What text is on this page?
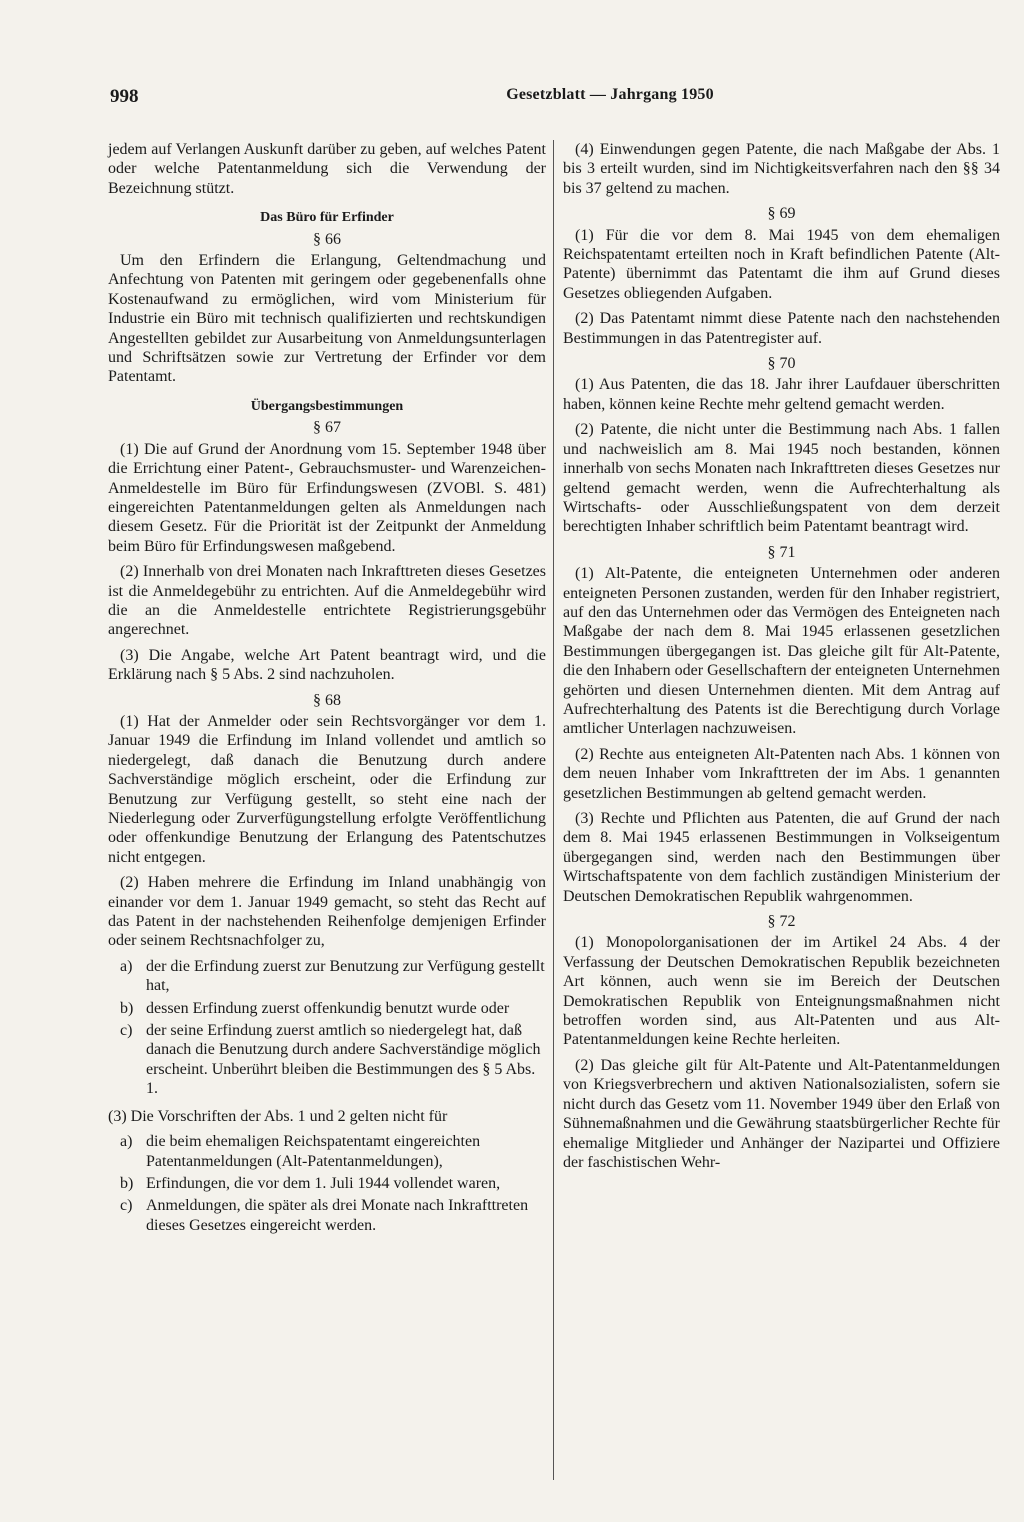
998	Gesetzblatt — Jahrgang 1950

jedem auf Verlangen Auskunft darüber zu geben, auf welches Patent oder welche Patentanmeldung sich die Verwendung der Bezeichnung stützt.

Das Büro für Erfinder
§ 66

Um den Erfindern die Erlangung, Geltendmachung und Anfechtung von Patenten mit geringem oder gegebenenfalls ohne Kostenaufwand zu ermöglichen, wird vom Ministerium für Industrie ein Büro mit technisch qualifizierten und rechtskundigen Angestellten gebildet zur Ausarbeitung von Anmeldungsunterlagen und Schriftsätzen sowie zur Vertretung der Erfinder vor dem Patentamt.

Übergangsbestimmungen
§ 67

(1) Die auf Grund der Anordnung vom 15. September 1948 über die Errichtung einer Patent-, Gebrauchsmuster- und Warenzeichen-Anmeldestelle im Büro für Erfindungswesen (ZVOBl. S. 481) eingereichten Patentanmeldungen gelten als Anmeldungen nach diesem Gesetz. Für die Priorität ist der Zeitpunkt der Anmeldung beim Büro für Erfindungswesen maßgebend.

(2) Innerhalb von drei Monaten nach Inkrafttreten dieses Gesetzes ist die Anmeldegebühr zu entrichten. Auf die Anmeldegebühr wird die an die Anmeldestelle entrichtete Registrierungsgebühr angerechnet.

(3) Die Angabe, welche Art Patent beantragt wird, und die Erklärung nach § 5 Abs. 2 sind nachzuholen.

§ 68

(1) Hat der Anmelder oder sein Rechtsvorgänger vor dem 1. Januar 1949 die Erfindung im Inland vollendet und amtlich so niedergelegt, daß danach die Benutzung durch andere Sachverständige möglich erscheint, oder die Erfindung zur Benutzung zur Verfügung gestellt, so steht eine nach der Niederlegung oder Zurverfügungstellung erfolgte Veröffentlichung oder offenkundige Benutzung der Erlangung des Patentschutzes nicht entgegen.

(2) Haben mehrere die Erfindung im Inland unabhängig von einander vor dem 1. Januar 1949 gemacht, so steht das Recht auf das Patent in der nachstehenden Reihenfolge demjenigen Erfinder oder seinem Rechtsnachfolger zu,

a) der die Erfindung zuerst zur Benutzung zur Verfügung gestellt hat,
b) dessen Erfindung zuerst offenkundig benutzt wurde oder
c) der seine Erfindung zuerst amtlich so niedergelegt hat, daß danach die Benutzung durch andere Sachverständige möglich erscheint. Unberührt bleiben die Bestimmungen des § 5 Abs. 1.

(3) Die Vorschriften der Abs. 1 und 2 gelten nicht für

a) die beim ehemaligen Reichspatentamt eingereichten Patentanmeldungen (Alt-Patentanmeldungen),
b) Erfindungen, die vor dem 1. Juli 1944 vollendet waren,
c) Anmeldungen, die später als drei Monate nach Inkrafttreten dieses Gesetzes eingereicht werden.

(4) Einwendungen gegen Patente, die nach Maßgabe der Abs. 1 bis 3 erteilt wurden, sind im Nichtigkeitsverfahren nach den §§ 34 bis 37 geltend zu machen.

§ 69

(1) Für die vor dem 8. Mai 1945 von dem ehemaligen Reichspatentamt erteilten noch in Kraft befindlichen Patente (Alt-Patente) übernimmt das Patentamt die ihm auf Grund dieses Gesetzes obliegenden Aufgaben.

(2) Das Patentamt nimmt diese Patente nach den nachstehenden Bestimmungen in das Patentregister auf.

§ 70

(1) Aus Patenten, die das 18. Jahr ihrer Laufdauer überschritten haben, können keine Rechte mehr geltend gemacht werden.

(2) Patente, die nicht unter die Bestimmung nach Abs. 1 fallen und nachweislich am 8. Mai 1945 noch bestanden, können innerhalb von sechs Monaten nach Inkrafttreten dieses Gesetzes nur geltend gemacht werden, wenn die Aufrechterhaltung als Wirtschafts- oder Ausschließungspatent von dem derzeit berechtigten Inhaber schriftlich beim Patentamt beantragt wird.

§ 71

(1) Alt-Patente, die enteigneten Unternehmen oder anderen enteigneten Personen zustanden, werden für den Inhaber registriert, auf den das Unternehmen oder das Vermögen des Enteigneten nach Maßgabe der nach dem 8. Mai 1945 erlassenen gesetzlichen Bestimmungen übergegangen ist. Das gleiche gilt für Alt-Patente, die den Inhabern oder Gesellschaftern der enteigneten Unternehmen gehörten und diesen Unternehmen dienten. Mit dem Antrag auf Aufrechterhaltung des Patents ist die Berechtigung durch Vorlage amtlicher Unterlagen nachzuweisen.

(2) Rechte aus enteigneten Alt-Patenten nach Abs. 1 können von dem neuen Inhaber vom Inkrafttreten der im Abs. 1 genannten gesetzlichen Bestimmungen ab geltend gemacht werden.

(3) Rechte und Pflichten aus Patenten, die auf Grund der nach dem 8. Mai 1945 erlassenen Bestimmungen in Volkseigentum übergegangen sind, werden nach den Bestimmungen über Wirtschaftspatente von dem fachlich zuständigen Ministerium der Deutschen Demokratischen Republik wahrgenommen.

§ 72

(1) Monopolorganisationen der im Artikel 24 Abs. 4 der Verfassung der Deutschen Demokratischen Republik bezeichneten Art können, auch wenn sie im Bereich der Deutschen Demokratischen Republik von Enteignungsmaßnahmen nicht betroffen worden sind, aus Alt-Patenten und aus Alt-Patentanmeldungen keine Rechte herleiten.

(2) Das gleiche gilt für Alt-Patente und Alt-Patentanmeldungen von Kriegsverbrechern und aktiven Nationalsozialisten, sofern sie nicht durch das Gesetz vom 11. November 1949 über den Erlaß von Sühnemaßnahmen und die Gewährung staatsbürgerlicher Rechte für ehemalige Mitglieder und Anhänger der Nazipartei und Offiziere der faschistischen Wehr-
